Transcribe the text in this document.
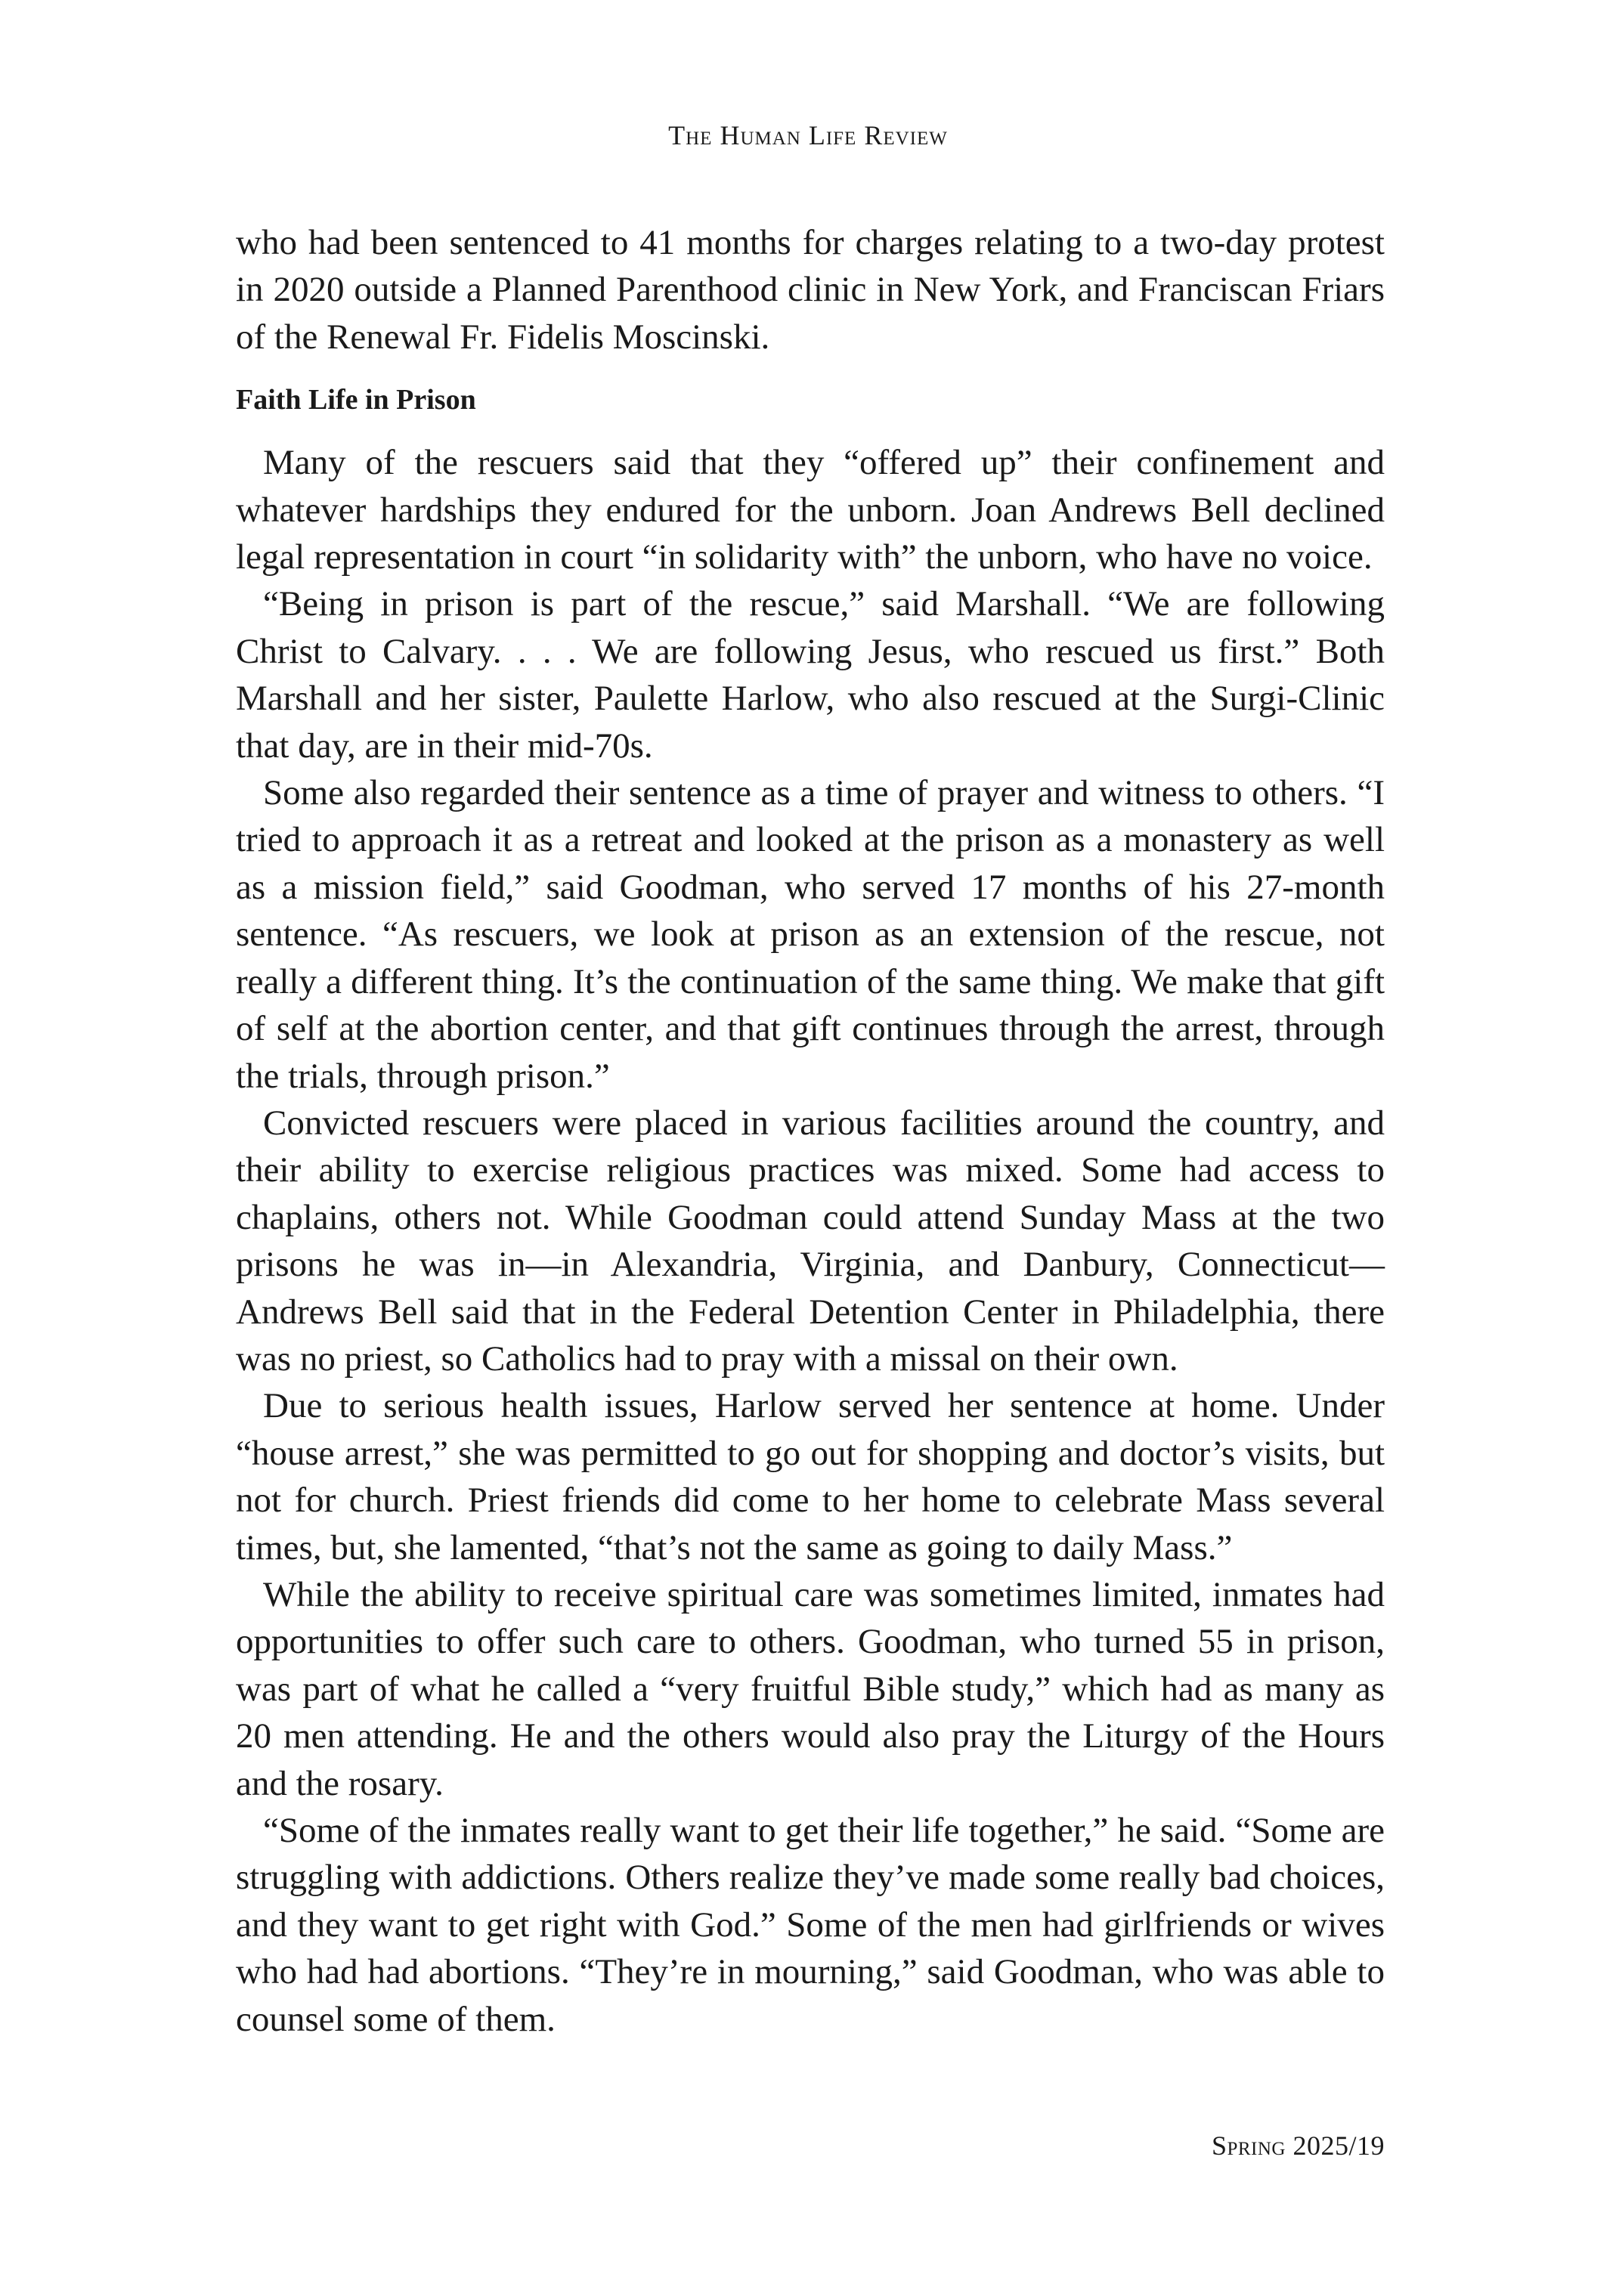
The Human Life Review

who had been sentenced to 41 months for charges relating to a two-day protest in 2020 outside a Planned Parenthood clinic in New York, and Franciscan Friars of the Renewal Fr. Fidelis Moscinski.

Faith Life in Prison

Many of the rescuers said that they “offered up” their confinement and whatever hardships they endured for the unborn. Joan Andrews Bell declined legal representation in court “in solidarity with” the unborn, who have no voice.

“Being in prison is part of the rescue,” said Marshall. “We are following Christ to Calvary. . . . We are following Jesus, who rescued us first.” Both Marshall and her sister, Paulette Harlow, who also rescued at the Surgi-Clinic that day, are in their mid-70s.

Some also regarded their sentence as a time of prayer and witness to others. “I tried to approach it as a retreat and looked at the prison as a monastery as well as a mission field,” said Goodman, who served 17 months of his 27-month sentence. “As rescuers, we look at prison as an extension of the rescue, not really a different thing. It’s the continuation of the same thing. We make that gift of self at the abortion center, and that gift continues through the arrest, through the trials, through prison.”

Convicted rescuers were placed in various facilities around the country, and their ability to exercise religious practices was mixed. Some had access to chaplains, others not. While Goodman could attend Sunday Mass at the two prisons he was in—in Alexandria, Virginia, and Danbury, Connecticut—Andrews Bell said that in the Federal Detention Center in Philadelphia, there was no priest, so Catholics had to pray with a missal on their own.

Due to serious health issues, Harlow served her sentence at home. Under “house arrest,” she was permitted to go out for shopping and doctor’s visits, but not for church. Priest friends did come to her home to celebrate Mass several times, but, she lamented, “that’s not the same as going to daily Mass.”

While the ability to receive spiritual care was sometimes limited, inmates had opportunities to offer such care to others. Goodman, who turned 55 in prison, was part of what he called a “very fruitful Bible study,” which had as many as 20 men attending. He and the others would also pray the Liturgy of the Hours and the rosary.

“Some of the inmates really want to get their life together,” he said. “Some are struggling with addictions. Others realize they’ve made some really bad choices, and they want to get right with God.” Some of the men had girlfriends or wives who had had abortions. “They’re in mourning,” said Goodman, who was able to counsel some of them.

Spring 2025/19
